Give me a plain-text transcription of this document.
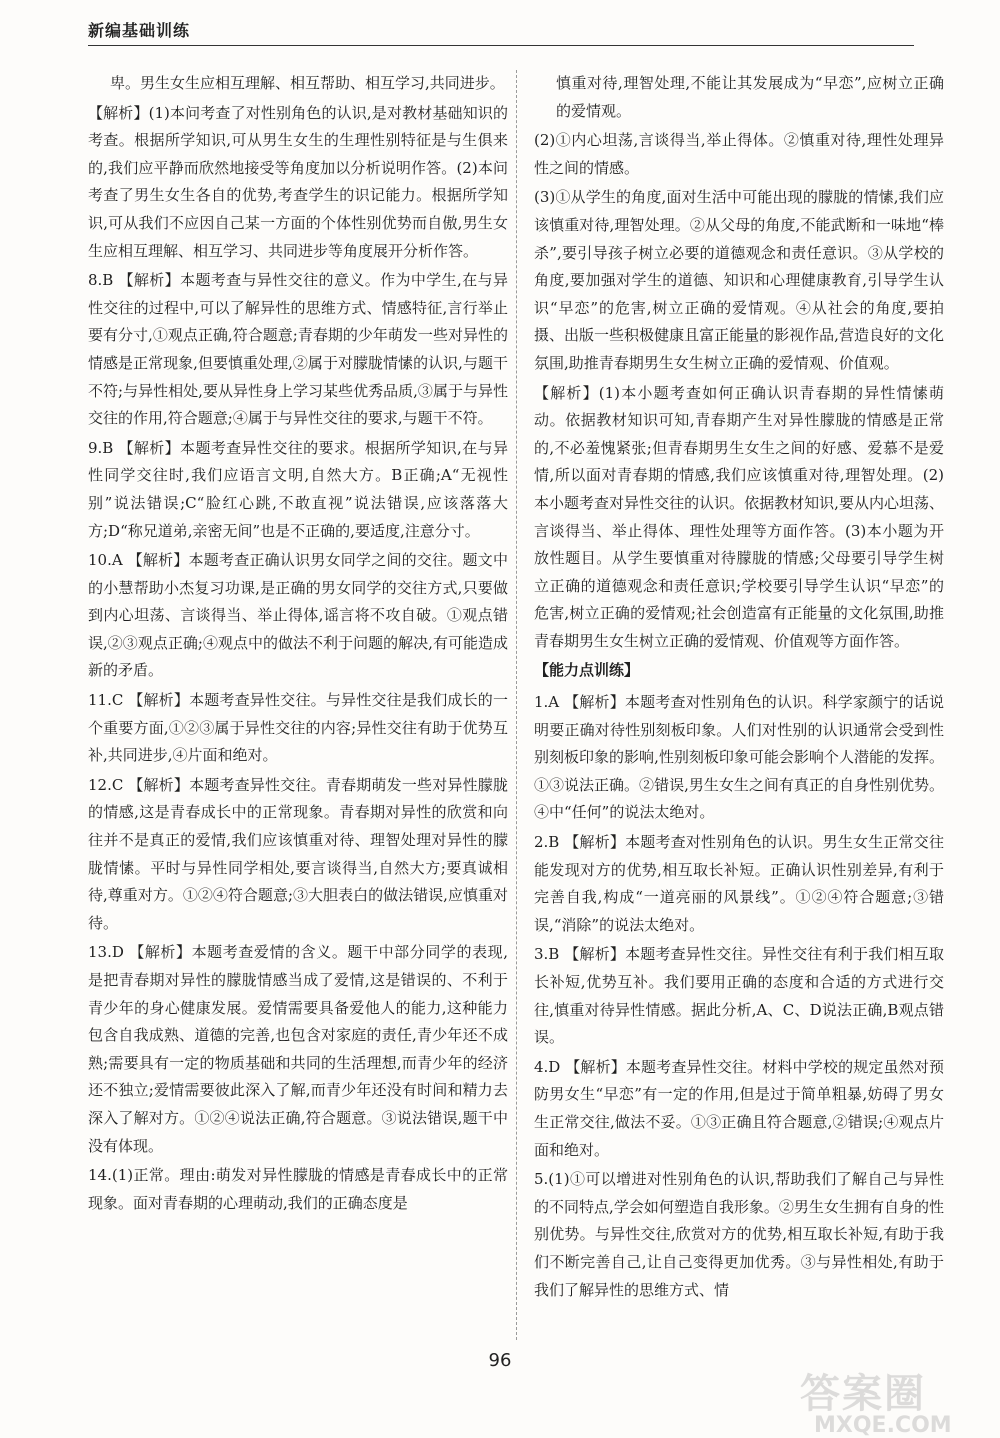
新编基础训练

卑。男生女生应相互理解、相互帮助、相互学习,共同进步。

【解析】(1)本问考查了对性别角色的认识,是对教材基础知识的考查。根据所学知识,可从男生女生的生理性别特征是与生俱来的,我们应平静而欣然地接受等角度加以分析说明作答。(2)本问考查了男生女生各自的优势,考查学生的识记能力。根据所学知识,可从我们不应因自己某一方面的个体性别优势而自傲,男生女生应相互理解、相互学习、共同进步等角度展开分析作答。

8.B 【解析】本题考查与异性交往的意义。作为中学生,在与异性交往的过程中,可以了解异性的思维方式、情感特征,言行举止要有分寸,①观点正确,符合题意;青春期的少年萌发一些对异性的情感是正常现象,但要慎重处理,②属于对朦胧情愫的认识,与题干不符;与异性相处,要从异性身上学习某些优秀品质,③属于与异性交往的作用,符合题意;④属于与异性交往的要求,与题干不符。

9.B 【解析】本题考查异性交往的要求。根据所学知识,在与异性同学交往时,我们应语言文明,自然大方。B正确;A“无视性别”说法错误;C“脸红心跳,不敢直视”说法错误,应该落落大方;D“称兄道弟,亲密无间”也是不正确的,要适度,注意分寸。

10.A 【解析】本题考查正确认识男女同学之间的交往。题文中的小慧帮助小杰复习功课,是正确的男女同学的交往方式,只要做到内心坦荡、言谈得当、举止得体,谣言将不攻自破。①观点错误,②③观点正确;④观点中的做法不利于问题的解决,有可能造成新的矛盾。

11.C 【解析】本题考查异性交往。与异性交往是我们成长的一个重要方面,①②③属于异性交往的内容;异性交往有助于优势互补,共同进步,④片面和绝对。

12.C 【解析】本题考查异性交往。青春期萌发一些对异性朦胧的情感,这是青春成长中的正常现象。青春期对异性的欣赏和向往并不是真正的爱情,我们应该慎重对待、理智处理对异性的朦胧情愫。平时与异性同学相处,要言谈得当,自然大方;要真诚相待,尊重对方。①②④符合题意;③大胆表白的做法错误,应慎重对待。

13.D 【解析】本题考查爱情的含义。题干中部分同学的表现,是把青春期对异性的朦胧情感当成了爱情,这是错误的、不利于青少年的身心健康发展。爱情需要具备爱他人的能力,这种能力包含自我成熟、道德的完善,也包含对家庭的责任,青少年还不成熟;需要具有一定的物质基础和共同的生活理想,而青少年的经济还不独立;爱情需要彼此深入了解,而青少年还没有时间和精力去深入了解对方。①②④说法正确,符合题意。③说法错误,题干中没有体现。

14.(1)正常。理由:萌发对异性朦胧的情感是青春成长中的正常现象。面对青春期的心理萌动,我们的正确态度是

慎重对待,理智处理,不能让其发展成为“早恋”,应树立正确的爱情观。

(2)①内心坦荡,言谈得当,举止得体。②慎重对待,理性处理异性之间的情感。

(3)①从学生的角度,面对生活中可能出现的朦胧的情愫,我们应该慎重对待,理智处理。②从父母的角度,不能武断和一味地“棒杀”,要引导孩子树立必要的道德观念和责任意识。③从学校的角度,要加强对学生的道德、知识和心理健康教育,引导学生认识“早恋”的危害,树立正确的爱情观。④从社会的角度,要拍摄、出版一些积极健康且富正能量的影视作品,营造良好的文化氛围,助推青春期男生女生树立正确的爱情观、价值观。

【解析】(1)本小题考查如何正确认识青春期的异性情愫萌动。依据教材知识可知,青春期产生对异性朦胧的情感是正常的,不必羞愧紧张;但青春期男生女生之间的好感、爱慕不是爱情,所以面对青春期的情感,我们应该慎重对待,理智处理。(2)本小题考查对异性交往的认识。依据教材知识,要从内心坦荡、言谈得当、举止得体、理性处理等方面作答。(3)本小题为开放性题目。从学生要慎重对待朦胧的情感;父母要引导学生树立正确的道德观念和责任意识;学校要引导学生认识“早恋”的危害,树立正确的爱情观;社会创造富有正能量的文化氛围,助推青春期男生女生树立正确的爱情观、价值观等方面作答。

【能力点训练】

1.A 【解析】本题考查对性别角色的认识。科学家颜宁的话说明要正确对待性别刻板印象。人们对性别的认识通常会受到性别刻板印象的影响,性别刻板印象可能会影响个人潜能的发挥。①③说法正确。②错误,男生女生之间有真正的自身性别优势。④中“任何”的说法太绝对。

2.B 【解析】本题考查对性别角色的认识。男生女生正常交往能发现对方的优势,相互取长补短。正确认识性别差异,有利于完善自我,构成“一道亮丽的风景线”。①②④符合题意;③错误,“消除”的说法太绝对。

3.B 【解析】本题考查异性交往。异性交往有利于我们相互取长补短,优势互补。我们要用正确的态度和合适的方式进行交往,慎重对待异性情感。据此分析,A、C、D说法正确,B观点错误。

4.D 【解析】本题考查异性交往。材料中学校的规定虽然对预防男女生“早恋”有一定的作用,但是过于简单粗暴,妨碍了男女生正常交往,做法不妥。①③正确且符合题意,②错误;④观点片面和绝对。

5.(1)①可以增进对性别角色的认识,帮助我们了解自己与异性的不同特点,学会如何塑造自我形象。②男生女生拥有自身的性别优势。与异性交往,欣赏对方的优势,相互取长补短,有助于我们不断完善自己,让自己变得更加优秀。③与异性相处,有助于我们了解异性的思维方式、情

96
答案圈
MXQE.COM
